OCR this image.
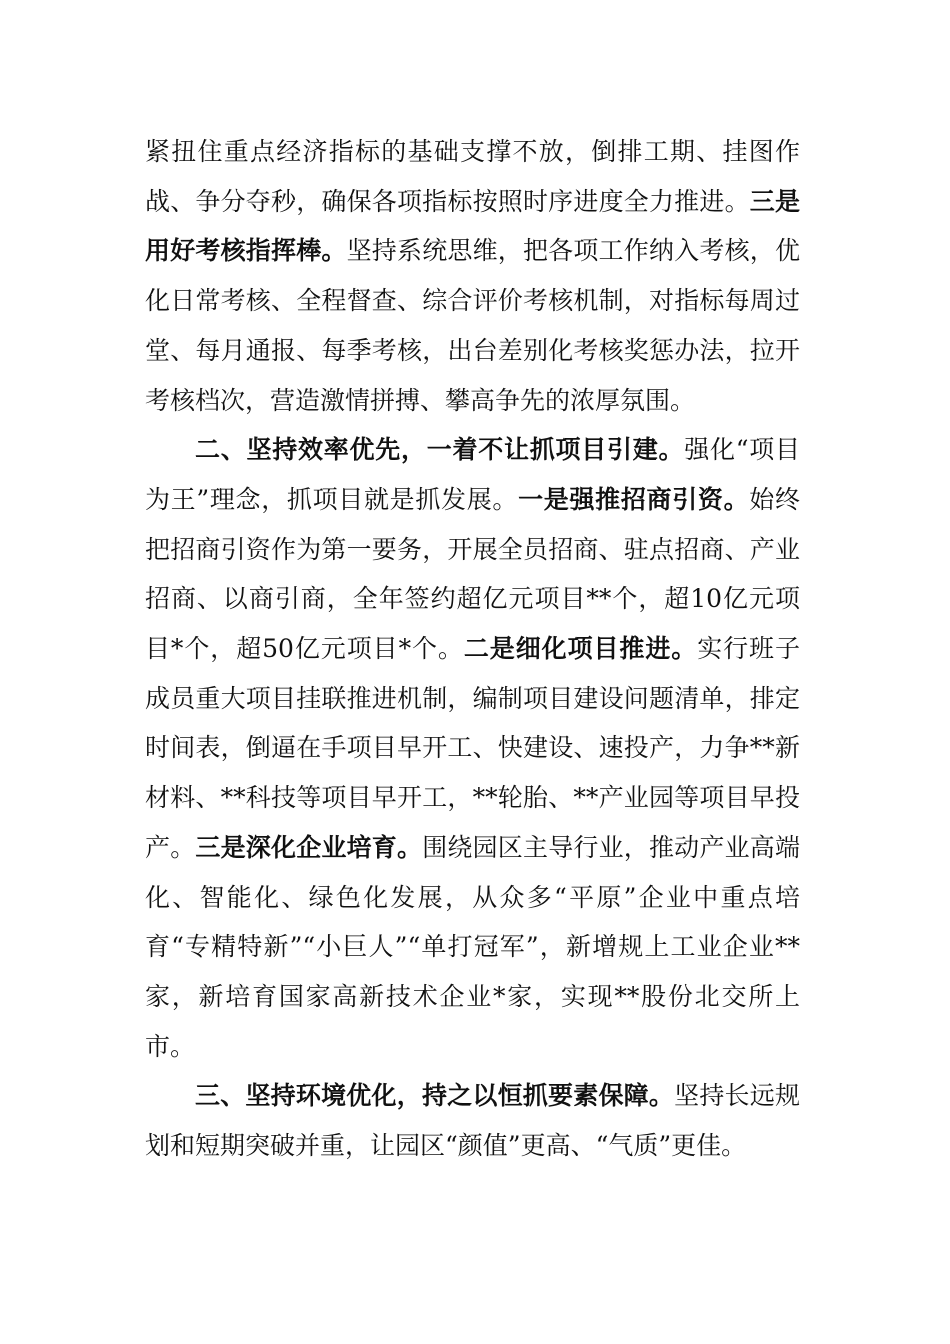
紧扭住重点经济指标的基础支撑不放，倒排工期、挂图作战、争分夺秒，确保各项指标按照时序进度全力推进。三是用好考核指挥棒。坚持系统思维，把各项工作纳入考核，优化日常考核、全程督查、综合评价考核机制，对指标每周过堂、每月通报、每季考核，出台差别化考核奖惩办法，拉开考核档次，营造激情拼搏、攀高争先的浓厚氛围。

二、坚持效率优先，一着不让抓项目引建。强化“项目为王”理念，抓项目就是抓发展。一是强推招商引资。始终把招商引资作为第一要务，开展全员招商、驻点招商、产业招商、以商引商，全年签约超亿元项目**个，超10亿元项目*个，超50亿元项目*个。二是细化项目推进。实行班子成员重大项目挂联推进机制，编制项目建设问题清单，排定时间表，倒逼在手项目早开工、快建设、速投产，力争**新材料、**科技等项目早开工，**轮胎、**产业园等项目早投产。三是深化企业培育。围绕园区主导行业，推动产业高端化、智能化、绿色化发展，从众多“平原”企业中重点培育“专精特新”“小巨人”“单打冠军”，新增规上工业企业**家，新培育国家高新技术企业*家，实现**股份北交所上市。

三、坚持环境优化，持之以恒抓要素保障。坚持长远规划和短期突破并重，让园区“颜值”更高、“气质”更佳。
